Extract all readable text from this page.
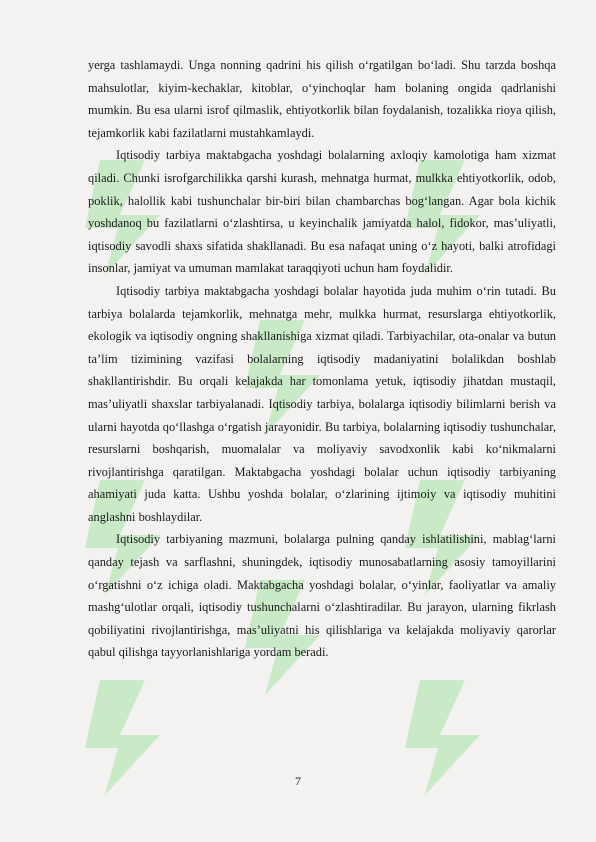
yerga tashlamaydi. Unga nonning qadrini his qilish oʻrgatilgan boʻladi. Shu tarzda boshqa mahsulotlar, kiyim-kechaklar, kitoblar, oʻyinchoqlar ham bolaning ongida qadrlanishi mumkin. Bu esa ularni isrof qilmaslik, ehtiyotkorlik bilan foydalanish, tozalikka rioya qilish, tejamkorlik kabi fazilatlarni mustahkamlaydi.

Iqtisodiy tarbiya maktabgacha yoshdagi bolalarning axloqiy kamolotiga ham xizmat qiladi. Chunki isrofgarchilikka qarshi kurash, mehnatga hurmat, mulkka ehtiyotkorlik, odob, poklik, halollik kabi tushunchalar bir-biri bilan chambarchas bogʻlangan. Agar bola kichik yoshdanoq bu fazilatlarni oʻzlashtirsa, u keyinchalik jamiyatda halol, fidokor, masʼuliyatli, iqtisodiy savodli shaxs sifatida shakllanadi. Bu esa nafaqat uning oʻz hayoti, balki atrofidagi insonlar, jamiyat va umuman mamlakat taraqqiyoti uchun ham foydalidir.

Iqtisodiy tarbiya maktabgacha yoshdagi bolalar hayotida juda muhim oʻrin tutadi. Bu tarbiya bolalarda tejamkorlik, mehnatga mehr, mulkka hurmat, resurslarga ehtiyotkorlik, ekologik va iqtisodiy ongning shakllanishiga xizmat qiladi. Tarbiyachilar, ota-onalar va butun taʼlim tizimining vazifasi bolalarning iqtisodiy madaniyatini bolalikdan boshlab shakllantirishdir. Bu orqali kelajakda har tomonlama yetuk, iqtisodiy jihatdan mustaqil, masʼuliyatli shaxslar tarbiyalanadi. Iqtisodiy tarbiya, bolalarga iqtisodiy bilimlarni berish va ularni hayotda qoʻllashga oʻrgatish jarayonidir. Bu tarbiya, bolalarning iqtisodiy tushunchalar, resurslarni boshqarish, muomalalar va moliyaviy savodxonlik kabi koʻnikmalarni rivojlantirishga qaratilgan. Maktabgacha yoshdagi bolalar uchun iqtisodiy tarbiyaning ahamiyati juda katta. Ushbu yoshda bolalar, oʻzlarining ijtimoiy va iqtisodiy muhitini anglashni boshlaydilar.

Iqtisodiy tarbiyaning mazmuni, bolalarga pulning qanday ishlatilishini, mablagʻlarni qanday tejash va sarflashni, shuningdek, iqtisodiy munosabatlarning asosiy tamoyillarini oʻrgatishni oʻz ichiga oladi. Maktabgacha yoshdagi bolalar, oʻyinlar, faoliyatlar va amaliy mashgʻulotlar orqali, iqtisodiy tushunchalarni oʻzlashtiradilar. Bu jarayon, ularning fikrlash qobiliyatini rivojlantirishga, masʼuliyatni his qilishlariga va kelajakda moliyaviy qarorlar qabul qilishga tayyorlanishlariga yordam beradi.

7
